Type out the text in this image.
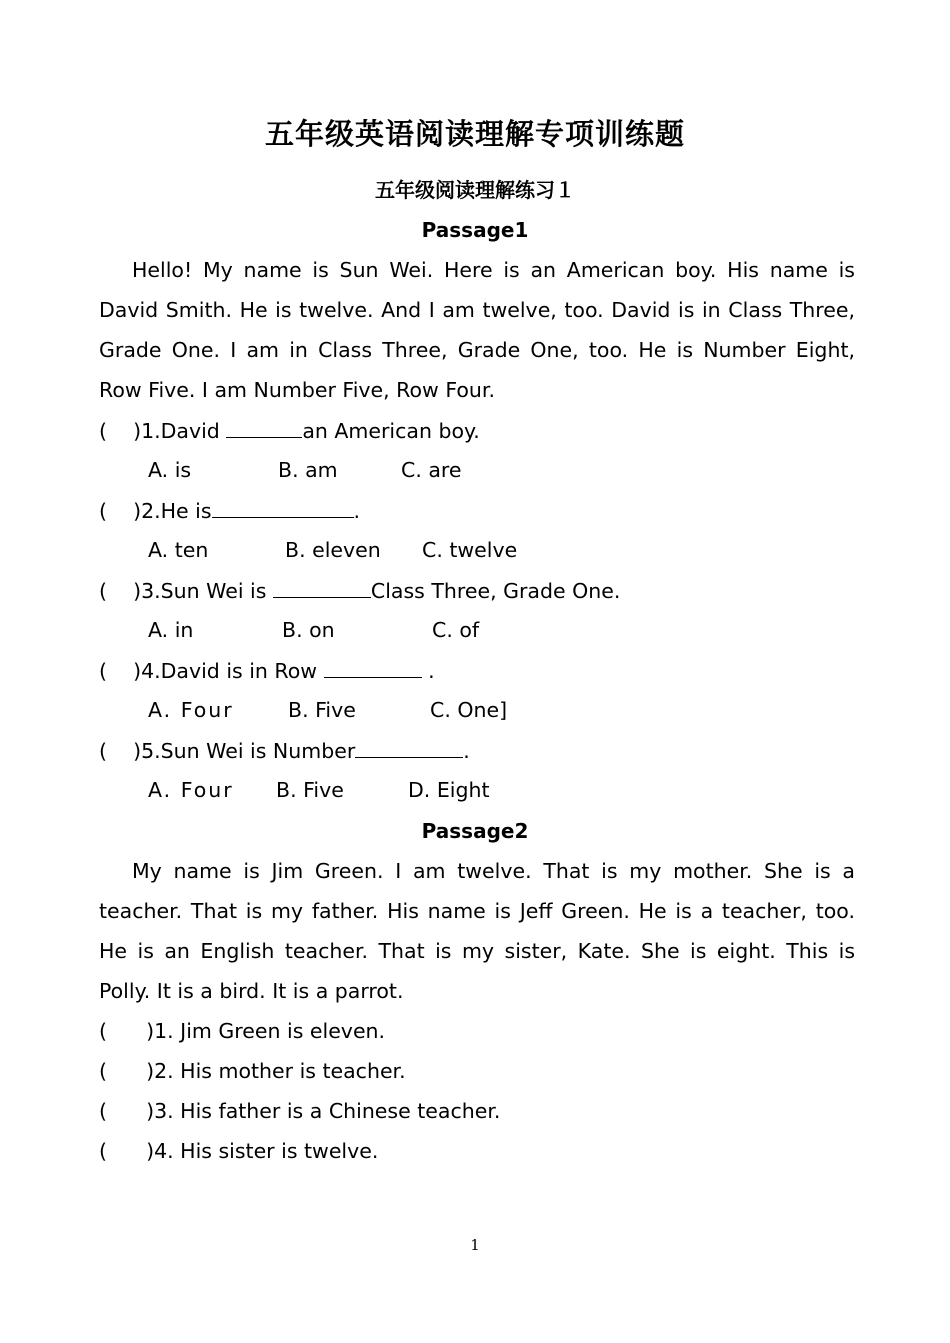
五年级英语阅读理解专项训练题
五年级阅读理解练习１
Passage1
Hello! My name is Sun Wei. Here is an American boy. His name is David Smith. He is twelve. And I am twelve, too. David is in Class Three, Grade One. I am in Class Three, Grade One, too. He is Number Eight, Row Five. I am Number Five, Row Four.
(    )1.David	an American boy.
A. is	B. am	C. are
(    )2.He is	.
A. ten	B. eleven C. twelve
(    )3.Sun Wei is	Class Three, Grade One.
A. in	B. on	C. of
(    )4.David is in Row	.
A. Four	B. Five	C. One]
(    )5.Sun Wei is Number	.
A. Four B. Five	D. Eight
Passage2
My name is Jim Green. I am twelve. That is my mother. She is a teacher. That is my father. His name is Jeff Green. He is a teacher, too. He is an English teacher. That is my sister, Kate. She is eight. This is Polly. It is a bird. It is a parrot.
(      )1. Jim Green is eleven.
(      )2. His mother is teacher.
(      )3. His father is a Chinese teacher.
(      )4. His sister is twelve.
1
